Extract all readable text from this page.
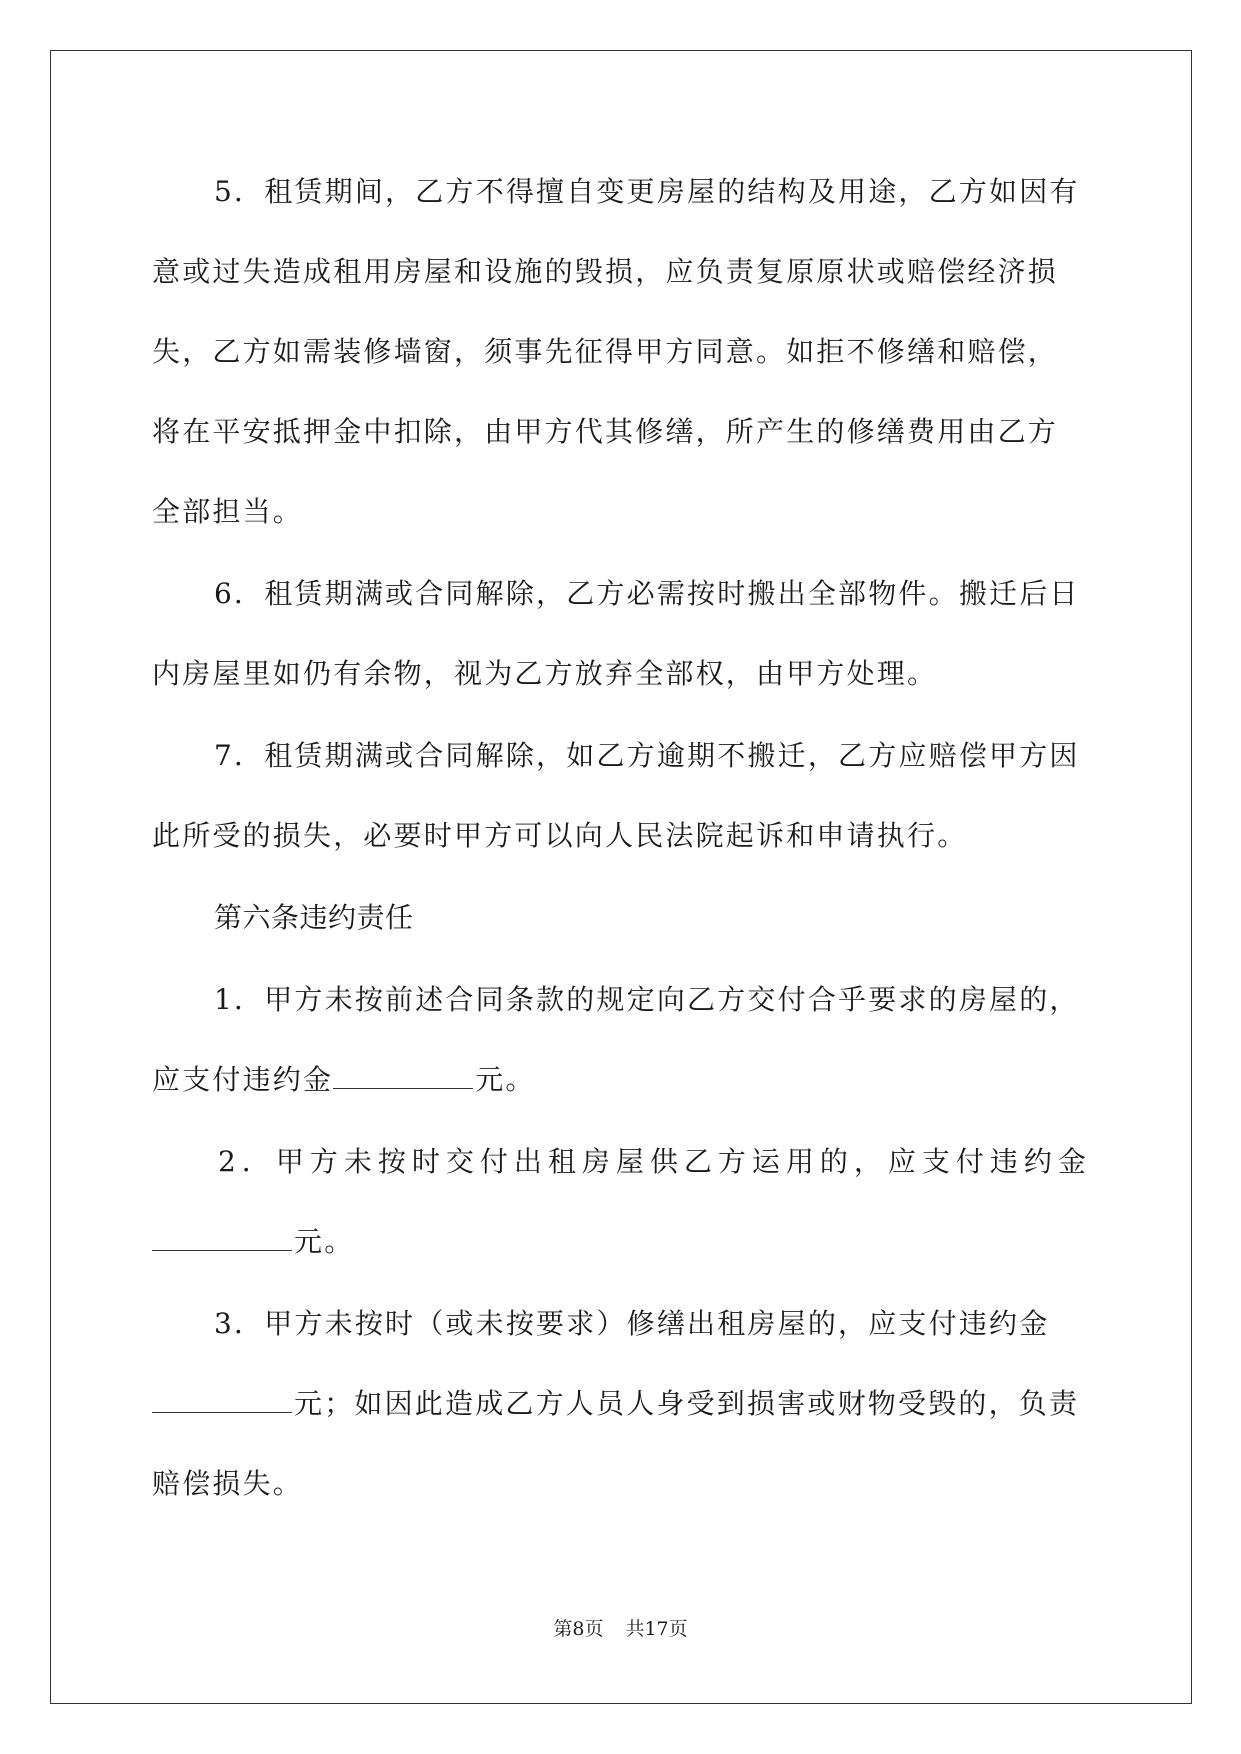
5．租赁期间，乙方不得擅自变更房屋的结构及用途，乙方如因有
意或过失造成租用房屋和设施的毁损，应负责复原原状或赔偿经济损
失，乙方如需装修墙窗，须事先征得甲方同意。如拒不修缮和赔偿，
将在平安抵押金中扣除，由甲方代其修缮，所产生的修缮费用由乙方
全部担当。
6．租赁期满或合同解除，乙方必需按时搬出全部物件。搬迁后日
内房屋里如仍有余物，视为乙方放弃全部权，由甲方处理。
7．租赁期满或合同解除，如乙方逾期不搬迁，乙方应赔偿甲方因
此所受的损失，必要时甲方可以向人民法院起诉和申请执行。
第六条违约责任
1．甲方未按前述合同条款的规定向乙方交付合乎要求的房屋的，
应支付违约金	元。
2．甲方未按时交付出租房屋供乙方运用的，应支付违约金
元。
3．甲方未按时（或未按要求）修缮出租房屋的，应支付违约金
元；如因此造成乙方人员人身受到损害或财物受毁的，负责
赔偿损失。
第8页 共17页
